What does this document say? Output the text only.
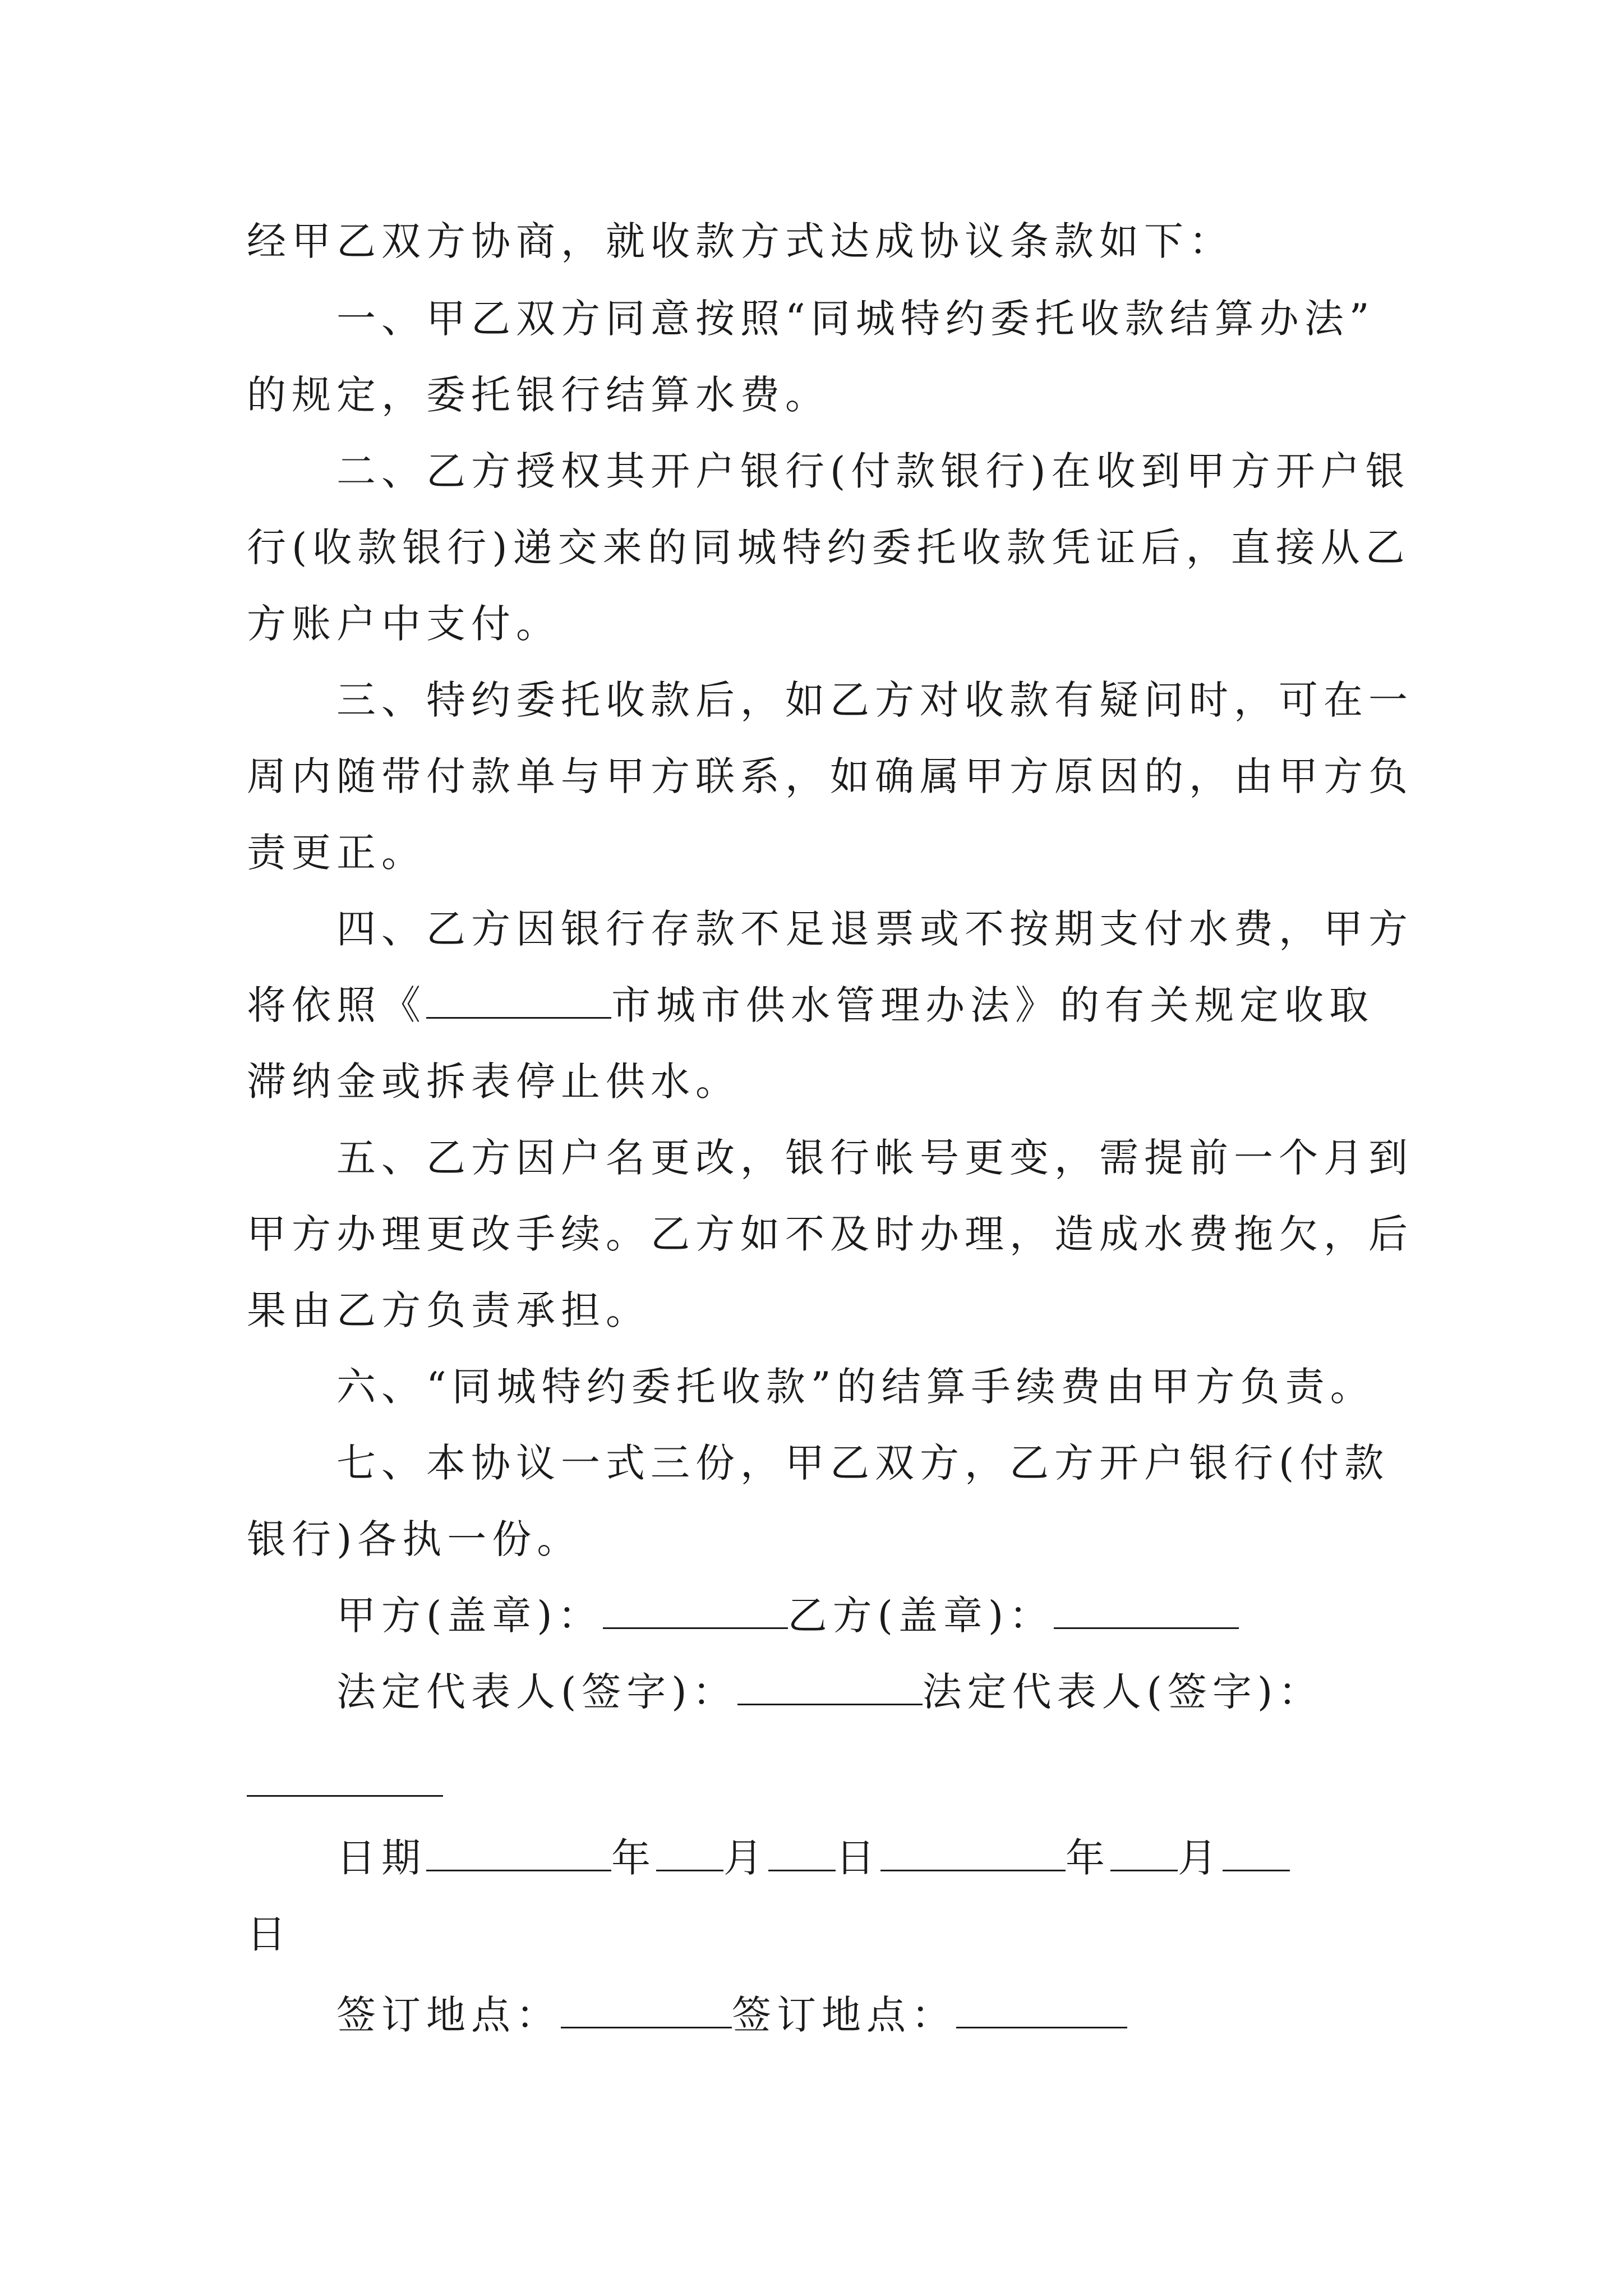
经甲乙双方协商，就收款方式达成协议条款如下：
一、甲乙双方同意按照“同城特约委托收款结算办法”
的规定，委托银行结算水费。
二、乙方授权其开户银行(付款银行)在收到甲方开户银
行(收款银行)递交来的同城特约委托收款凭证后，直接从乙
方账户中支付。
三、特约委托收款后，如乙方对收款有疑问时，可在一
周内随带付款单与甲方联系，如确属甲方原因的，由甲方负
责更正。
四、乙方因银行存款不足退票或不按期支付水费，甲方
将依照《	市城市供水管理办法》的有关规定收取
滞纳金或拆表停止供水。
五、乙方因户名更改，银行帐号更变，需提前一个月到
甲方办理更改手续。乙方如不及时办理，造成水费拖欠，后
果由乙方负责承担。
六、“同城特约委托收款”的结算手续费由甲方负责。
七、本协议一式三份，甲乙双方，乙方开户银行(付款
银行)各执一份。
甲方(盖章)：	乙方(盖章)：
法定代表人(签字)：	法定代表人(签字)：
日期	年 月 日	年 月
日
签订地点：	签订地点：
